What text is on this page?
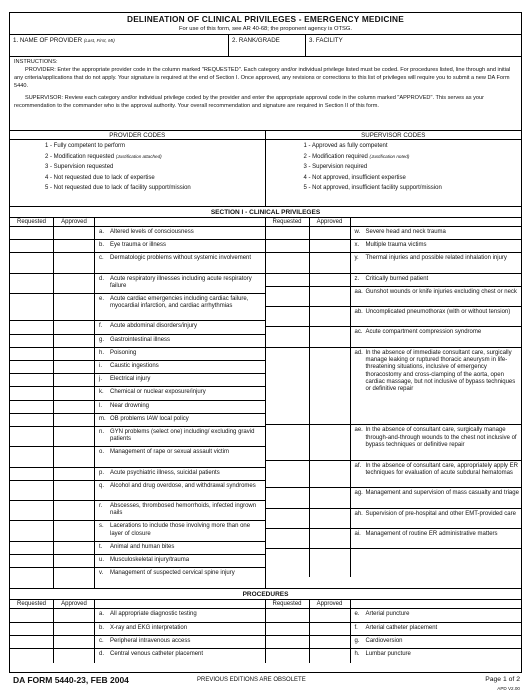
DELINEATION OF CLINICAL PRIVILEGES - EMERGENCY MEDICINE
For use of this form, see AR 40-68; the proponent agency is OTSG.
1. NAME OF PROVIDER (Last, First, MI)	2. RANK/GRADE	3. FACILITY
INSTRUCTIONS:
PROVIDER: Enter the appropriate provider code in the column marked "REQUESTED". Each category and/or individual privilege listed must be coded. For procedures listed, line through and initial any criteria/applications that do not apply. Your signature is required at the end of Section I. Once approved, any revisions or corrections to this list of privileges will require you to submit a new DA Form 5440.
SUPERVISOR: Review each category and/or individual privilege coded by the provider and enter the appropriate approval code in the column marked "APPROVED". This serves as your recommendation to the commander who is the approval authority. Your overall recommendation and signature are required in Section II of this form.
PROVIDER CODES
1 - Fully competent to perform
2 - Modification requested (Justification attached)
3 - Supervision requested
4 - Not requested due to lack of expertise
5 - Not requested due to lack of facility support/mission
SUPERVISOR CODES
1 - Approved as fully competent
2 - Modification required (Justification noted)
3 - Supervision required
4 - Not approved, insufficient expertise
5 - Not approved, insufficient facility support/mission
SECTION I - CLINICAL PRIVILEGES
Requested	Approved
a. Altered levels of consciousness
b. Eye trauma or illness
c.	Dermatologic problems without systemic involvement
d. Acute respiratory illnesses including acute respiratory failure
e. Acute cardiac emergencies including cardiac failure, myocardial infarction, and cardiac arrhythmias
f.	Acute abdominal disorders/injury
g. Gastrointestinal illness
h. Poisoning
i.	Caustic ingestions
j.	Electrical injury
k.	Chemical or nuclear exposure/injury
l.	Near drowning
m. OB problems IAW local policy
n. GYN problems (select one) including/ excluding gravid patients
o. Management of rape or sexual assault victim
p. Acute psychiatric illness, suicidal patients
q. Alcohol and drug overdose, and withdrawal syndromes
r.	Abscesses, thrombosed hemorrhoids, infected ingrown nails
s.	Lacerations to include those involving more than one layer of closure
t.	Animal and human bites
u. Musculoskeletal injury/trauma
v.	Management of suspected cervical spine injury
Requested	Approved
w. Severe head and neck trauma
x.	Multiple trauma victims
y.	Thermal injuries and possible related inhalation injury
z.	Critically burned patient
aa. Gunshot wounds or knife injuries excluding chest or neck
ab. Uncomplicated pneumothorax (with or without tension)
ac. Acute compartment compression syndrome
ad. In the absence of immediate consultant care, surgically manage leaking or ruptured thoracic aneurysm in life-threatening situations, inclusive of emergency thoracostomy and cross-clamping of the aorta, open cardiac massage, but not inclusive of bypass techniques or definitive repair
ae. In the absence of consultant care, surgically manage through-and-through wounds to the chest not inclusive of bypass techniques or definitive repair
af. In the absence of consultant care, appropriately apply ER techniques for evaluation of acute subdural hematomas
ag. Management and supervision of mass casualty and triage
ah. Supervision of pre-hospital and other EMT-provided care
ai. Management of routine ER administrative matters
PROCEDURES
Requested	Approved
a. All appropriate diagnostic testing
b. X-ray and EKG interpretation
c.	Peripheral intravenous access
d. Central venous catheter placement
Requested	Approved
e. Arterial puncture
f.	Arterial catheter placement
g. Cardioversion
h. Lumbar puncture
DA FORM 5440-23, FEB 2004	PREVIOUS EDITIONS ARE OBSOLETE	Page 1 of 2
APD V2.00
